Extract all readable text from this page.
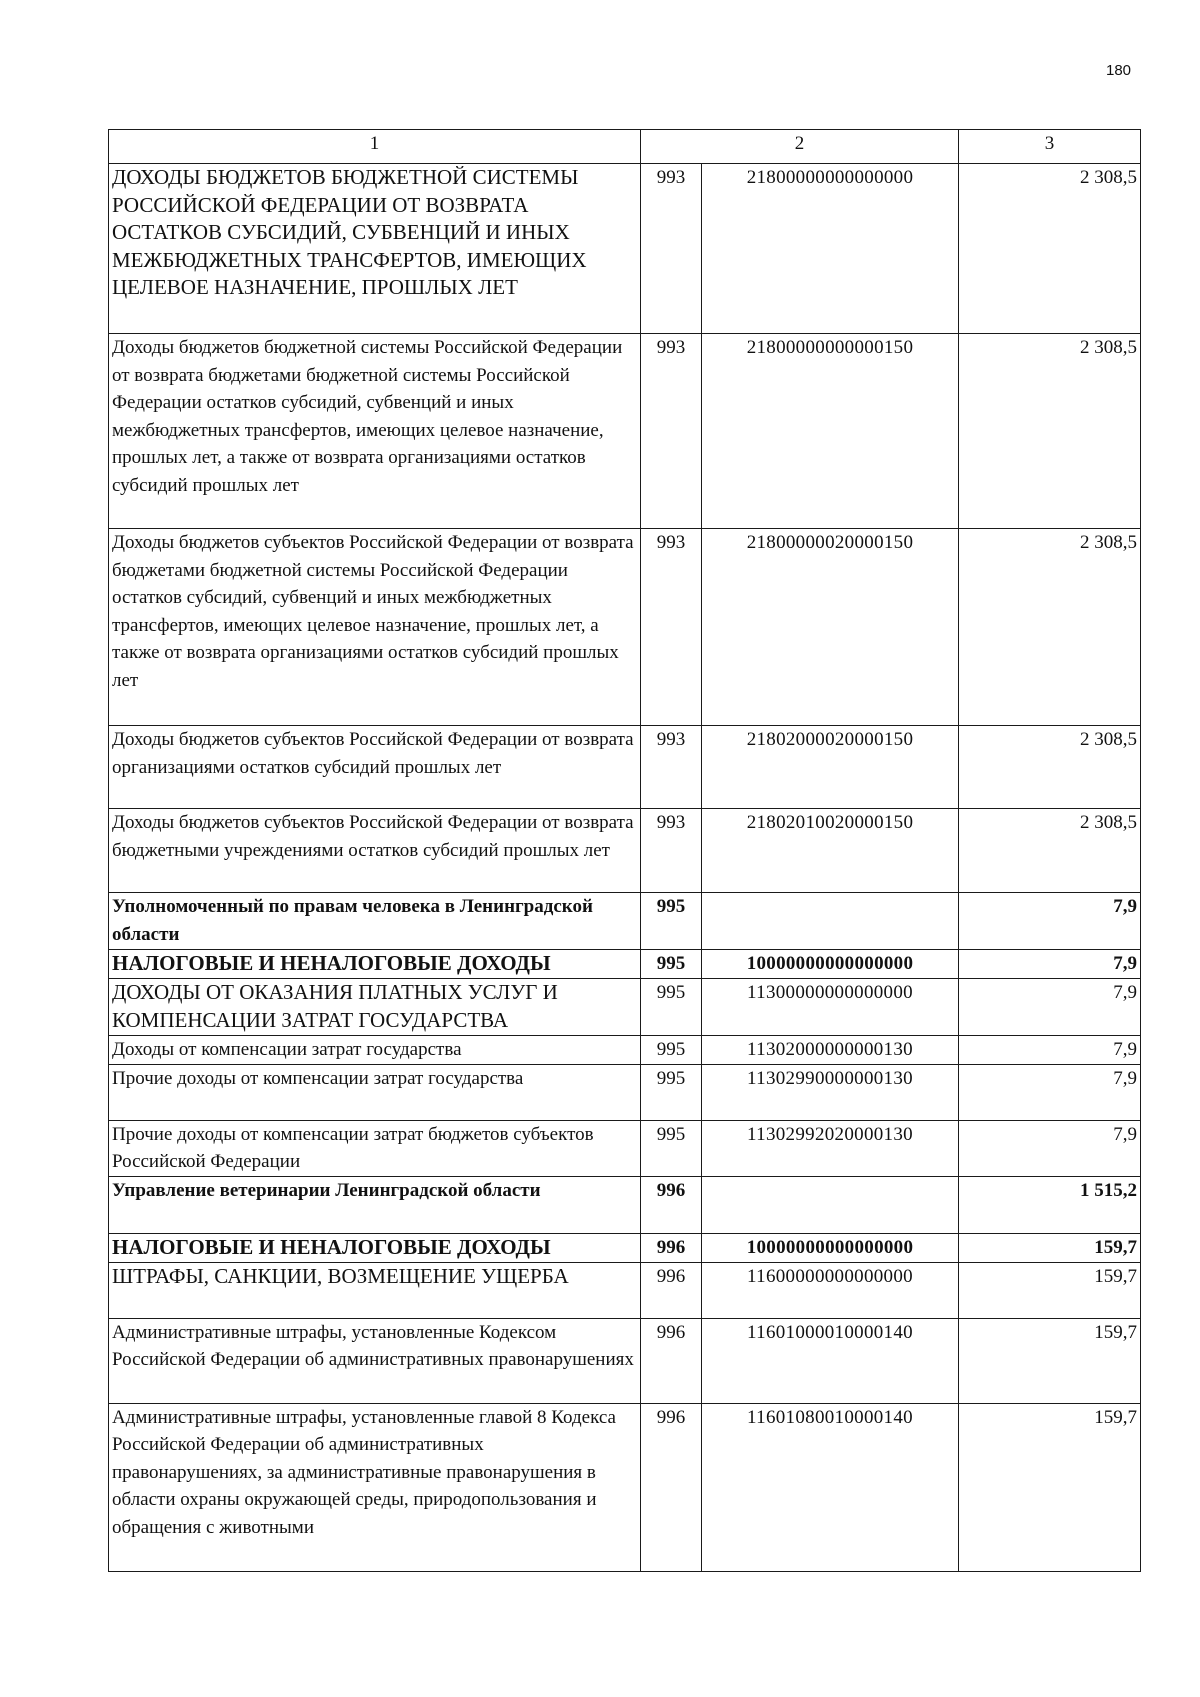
180
1	2		3
ДОХОДЫ БЮДЖЕТОВ БЮДЖЕТНОЙ СИСТЕМЫ РОССИЙСКОЙ ФЕДЕРАЦИИ ОТ ВОЗВРАТА ОСТАТКОВ СУБСИДИЙ, СУБВЕНЦИЙ И ИНЫХ МЕЖБЮДЖЕТНЫХ ТРАНСФЕРТОВ, ИМЕЮЩИХ ЦЕЛЕВОЕ НАЗНАЧЕНИЕ, ПРОШЛЫХ ЛЕТ	993	21800000000000000	2 308,5
Доходы бюджетов бюджетной системы Российской Федерации от возврата бюджетами бюджетной системы Российской Федерации остатков субсидий, субвенций и иных межбюджетных трансфертов, имеющих целевое назначение, прошлых лет, а также от возврата организациями остатков субсидий прошлых лет	993	21800000000000150	2 308,5
Доходы бюджетов субъектов Российской Федерации от возврата бюджетами бюджетной системы Российской Федерации остатков субсидий, субвенций и иных межбюджетных трансфертов, имеющих целевое назначение, прошлых лет, а также от возврата организациями остатков субсидий прошлых лет	993	21800000020000150	2 308,5
Доходы бюджетов субъектов Российской Федерации от возврата организациями остатков субсидий прошлых лет	993	21802000020000150	2 308,5
Доходы бюджетов субъектов Российской Федерации от возврата бюджетными учреждениями остатков субсидий прошлых лет	993	21802010020000150	2 308,5
Уполномоченный по правам человека в Ленинградской области	995		7,9
НАЛОГОВЫЕ И НЕНАЛОГОВЫЕ ДОХОДЫ	995	10000000000000000	7,9
ДОХОДЫ ОТ ОКАЗАНИЯ ПЛАТНЫХ УСЛУГ И КОМПЕНСАЦИИ ЗАТРАТ ГОСУДАРСТВА	995	11300000000000000	7,9
Доходы от компенсации затрат государства	995	11302000000000130	7,9
Прочие доходы от компенсации затрат государства	995	11302990000000130	7,9
Прочие доходы от компенсации затрат бюджетов субъектов Российской Федерации	995	11302992020000130	7,9
Управление ветеринарии Ленинградской области	996		1 515,2
НАЛОГОВЫЕ И НЕНАЛОГОВЫЕ ДОХОДЫ	996	10000000000000000	159,7
ШТРАФЫ, САНКЦИИ, ВОЗМЕЩЕНИЕ УЩЕРБА	996	11600000000000000	159,7
Административные штрафы, установленные Кодексом Российской Федерации об административных правонарушениях	996	11601000010000140	159,7
Административные штрафы, установленные главой 8 Кодекса Российской Федерации об административных правонарушениях, за административные правонарушения в области охраны окружающей среды, природопользования и обращения с животными	996	11601080010000140	159,7
